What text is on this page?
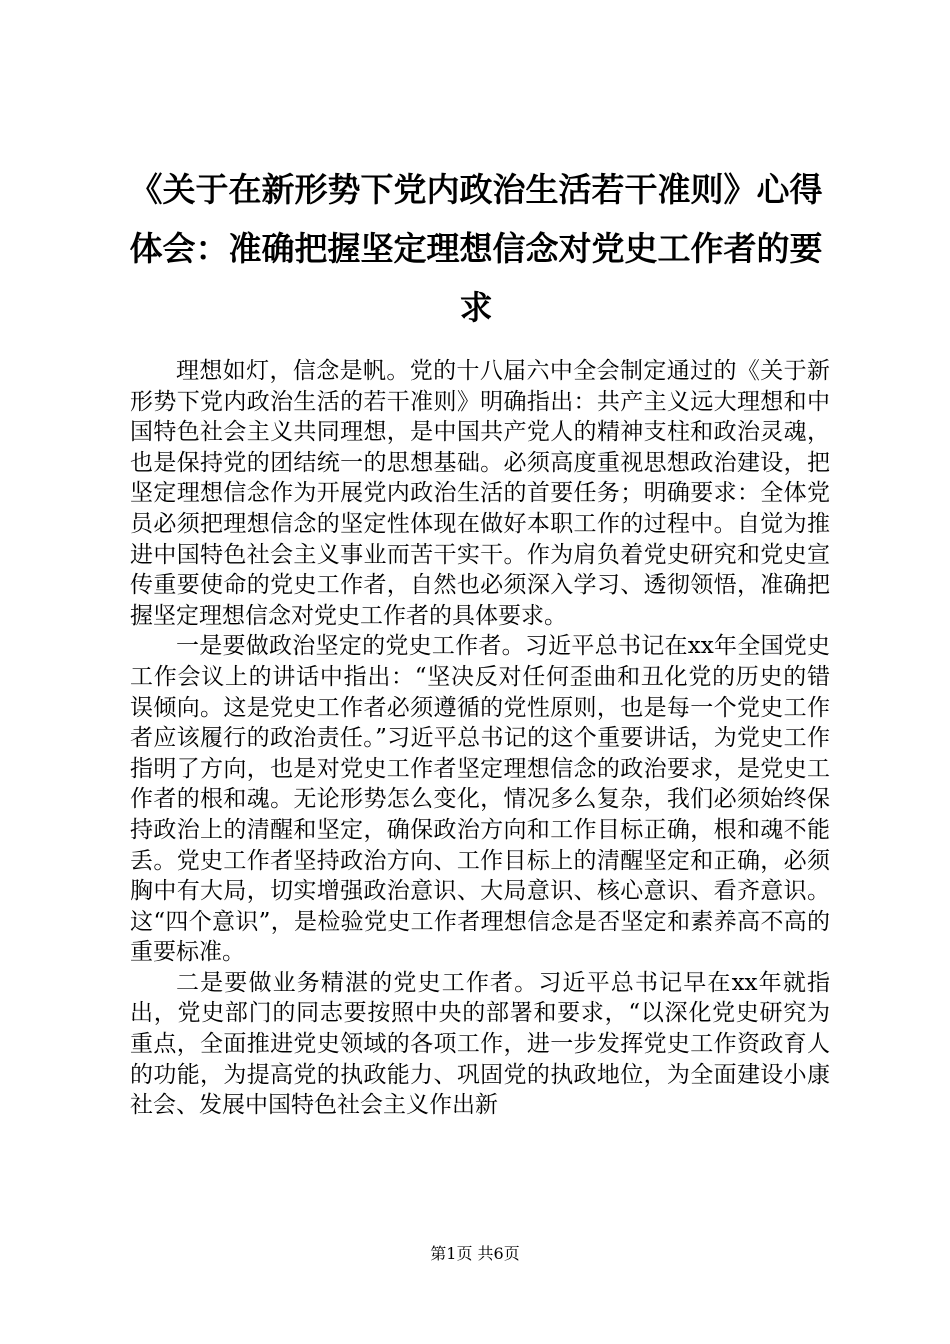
《关于在新形势下党内政治生活若干准则》心得体会：准确把握坚定理想信念对党史工作者的要求

理想如灯，信念是帆。党的十八届六中全会制定通过的《关于新形势下党内政治生活的若干准则》明确指出：共产主义远大理想和中国特色社会主义共同理想，是中国共产党人的精神支柱和政治灵魂，也是保持党的团结统一的思想基础。必须高度重视思想政治建设，把坚定理想信念作为开展党内政治生活的首要任务；明确要求：全体党员必须把理想信念的坚定性体现在做好本职工作的过程中。自觉为推进中国特色社会主义事业而苦干实干。作为肩负着党史研究和党史宣传重要使命的党史工作者，自然也必须深入学习、透彻领悟，准确把握坚定理想信念对党史工作者的具体要求。

一是要做政治坚定的党史工作者。习近平总书记在xx年全国党史工作会议上的讲话中指出：“坚决反对任何歪曲和丑化党的历史的错误倾向。这是党史工作者必须遵循的党性原则，也是每一个党史工作者应该履行的政治责任。”习近平总书记的这个重要讲话，为党史工作指明了方向，也是对党史工作者坚定理想信念的政治要求，是党史工作者的根和魂。无论形势怎么变化，情况多么复杂，我们必须始终保持政治上的清醒和坚定，确保政治方向和工作目标正确，根和魂不能丢。党史工作者坚持政治方向、工作目标上的清醒坚定和正确，必须胸中有大局，切实增强政治意识、大局意识、核心意识、看齐意识。这“四个意识”，是检验党史工作者理想信念是否坚定和素养高不高的重要标准。

二是要做业务精湛的党史工作者。习近平总书记早在xx年就指出，党史部门的同志要按照中央的部署和要求，“以深化党史研究为重点，全面推进党史领域的各项工作，进一步发挥党史工作资政育人的功能，为提高党的执政能力、巩固党的执政地位，为全面建设小康社会、发展中国特色社会主义作出新

第1页 共6页
